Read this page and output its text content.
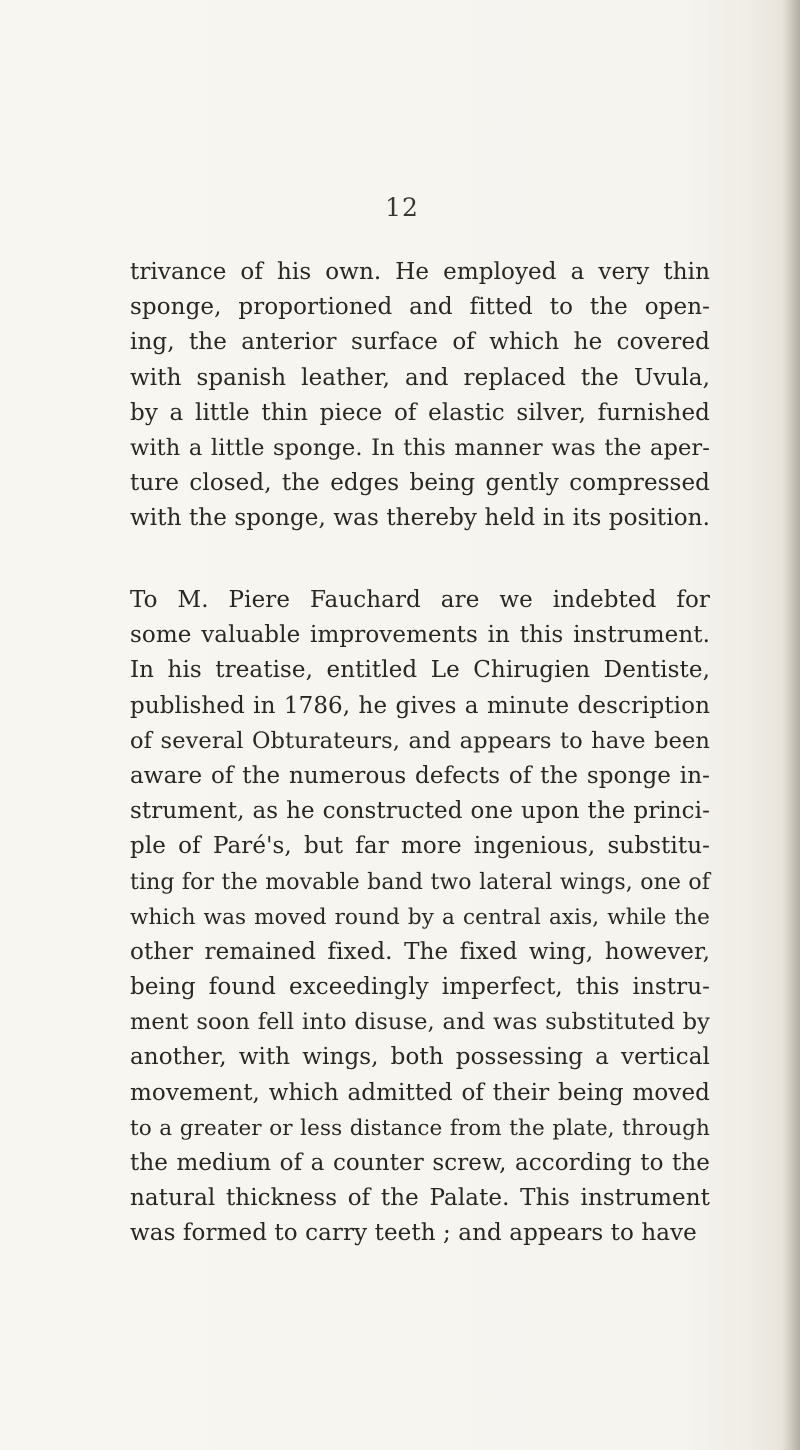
12
trivance of his own. He employed a very thin
sponge, proportioned and fitted to the open-
ing, the anterior surface of which he covered
with spanish leather, and replaced the Uvula,
by a little thin piece of elastic silver, furnished
with a little sponge. In this manner was the aper-
ture closed, the edges being gently compressed
with the sponge, was thereby held in its position.
To M. Piere Fauchard are we indebted for
some valuable improvements in this instrument.
In his treatise, entitled Le Chirugien Dentiste,
published in 1786, he gives a minute description
of several Obturateurs, and appears to have been
aware of the numerous defects of the sponge in-
strument, as he constructed one upon the princi-
ple of Paré's, but far more ingenious, substitu-
ting for the movable band two lateral wings, one of
which was moved round by a central axis, while the
other remained fixed. The fixed wing, however,
being found exceedingly imperfect, this instru-
ment soon fell into disuse, and was substituted by
another, with wings, both possessing a vertical
movement, which admitted of their being moved
to a greater or less distance from the plate, through
the medium of a counter screw, according to the
natural thickness of the Palate. This instrument
was formed to carry teeth ; and appears to have
